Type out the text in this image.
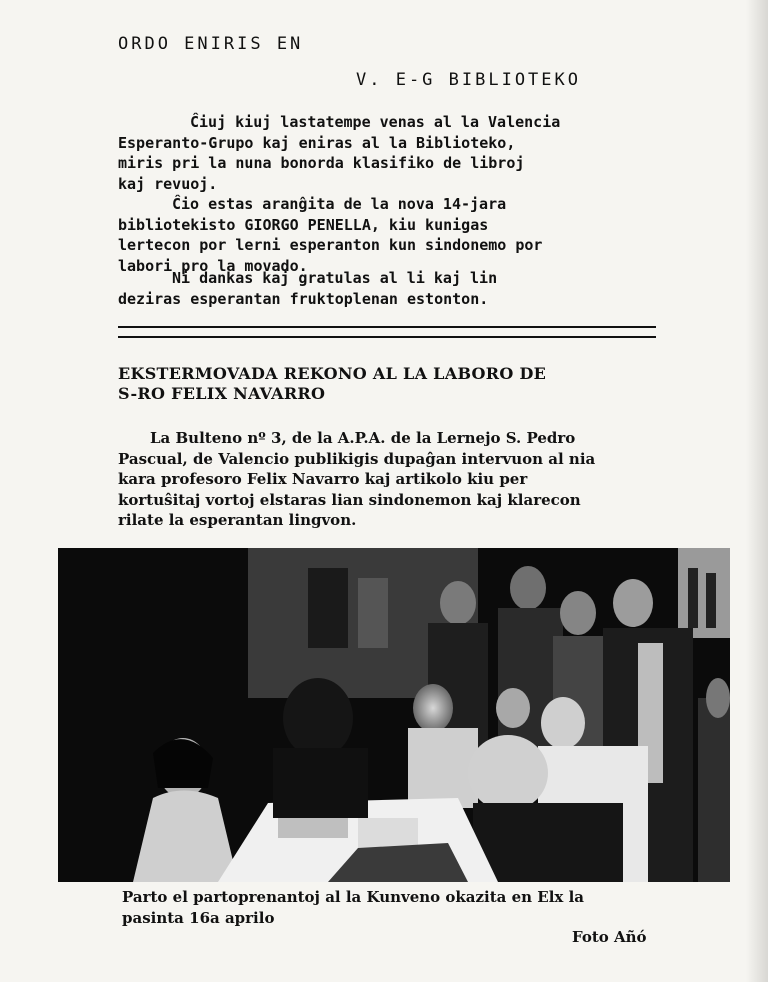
ORDO ENIRIS EN
V. E-G BIBLIOTEKO
Ĉiuj kiuj lastatempe venas al la Valencia
Esperanto-Grupo kaj eniras al la Biblioteko,
miris pri la nuna bonorda klasifiko de libroj
kaj revuoj.
Ĉio estas aranĝita de la nova 14-jara
bibliotekisto GIORGO PENELLA, kiu kunigas
lertecon por lerni esperanton kun sindonemo por
labori pro la movado.
Ni dankas kaj gratulas al li kaj lin
deziras esperantan fruktoplenan estonton.
EKSTERMOVADA REKONO AL LA LABORO DE
S-RO FELIX NAVARRO
La Bulteno nº 3, de la A.P.A. de la Lernejo S. Pedro
Pascual, de Valencio publikigis dupaĝan intervuon al nia
kara profesoro Felix Navarro kaj artikolo kiu per
kortuŝitaj vortoj elstaras lian sindonemon kaj klarecon
rilate la esperantan lingvon.
Parto el partoprenantoj al la Kunveno okazita en Elx la
pasinta 16a aprilo
Foto Añó
